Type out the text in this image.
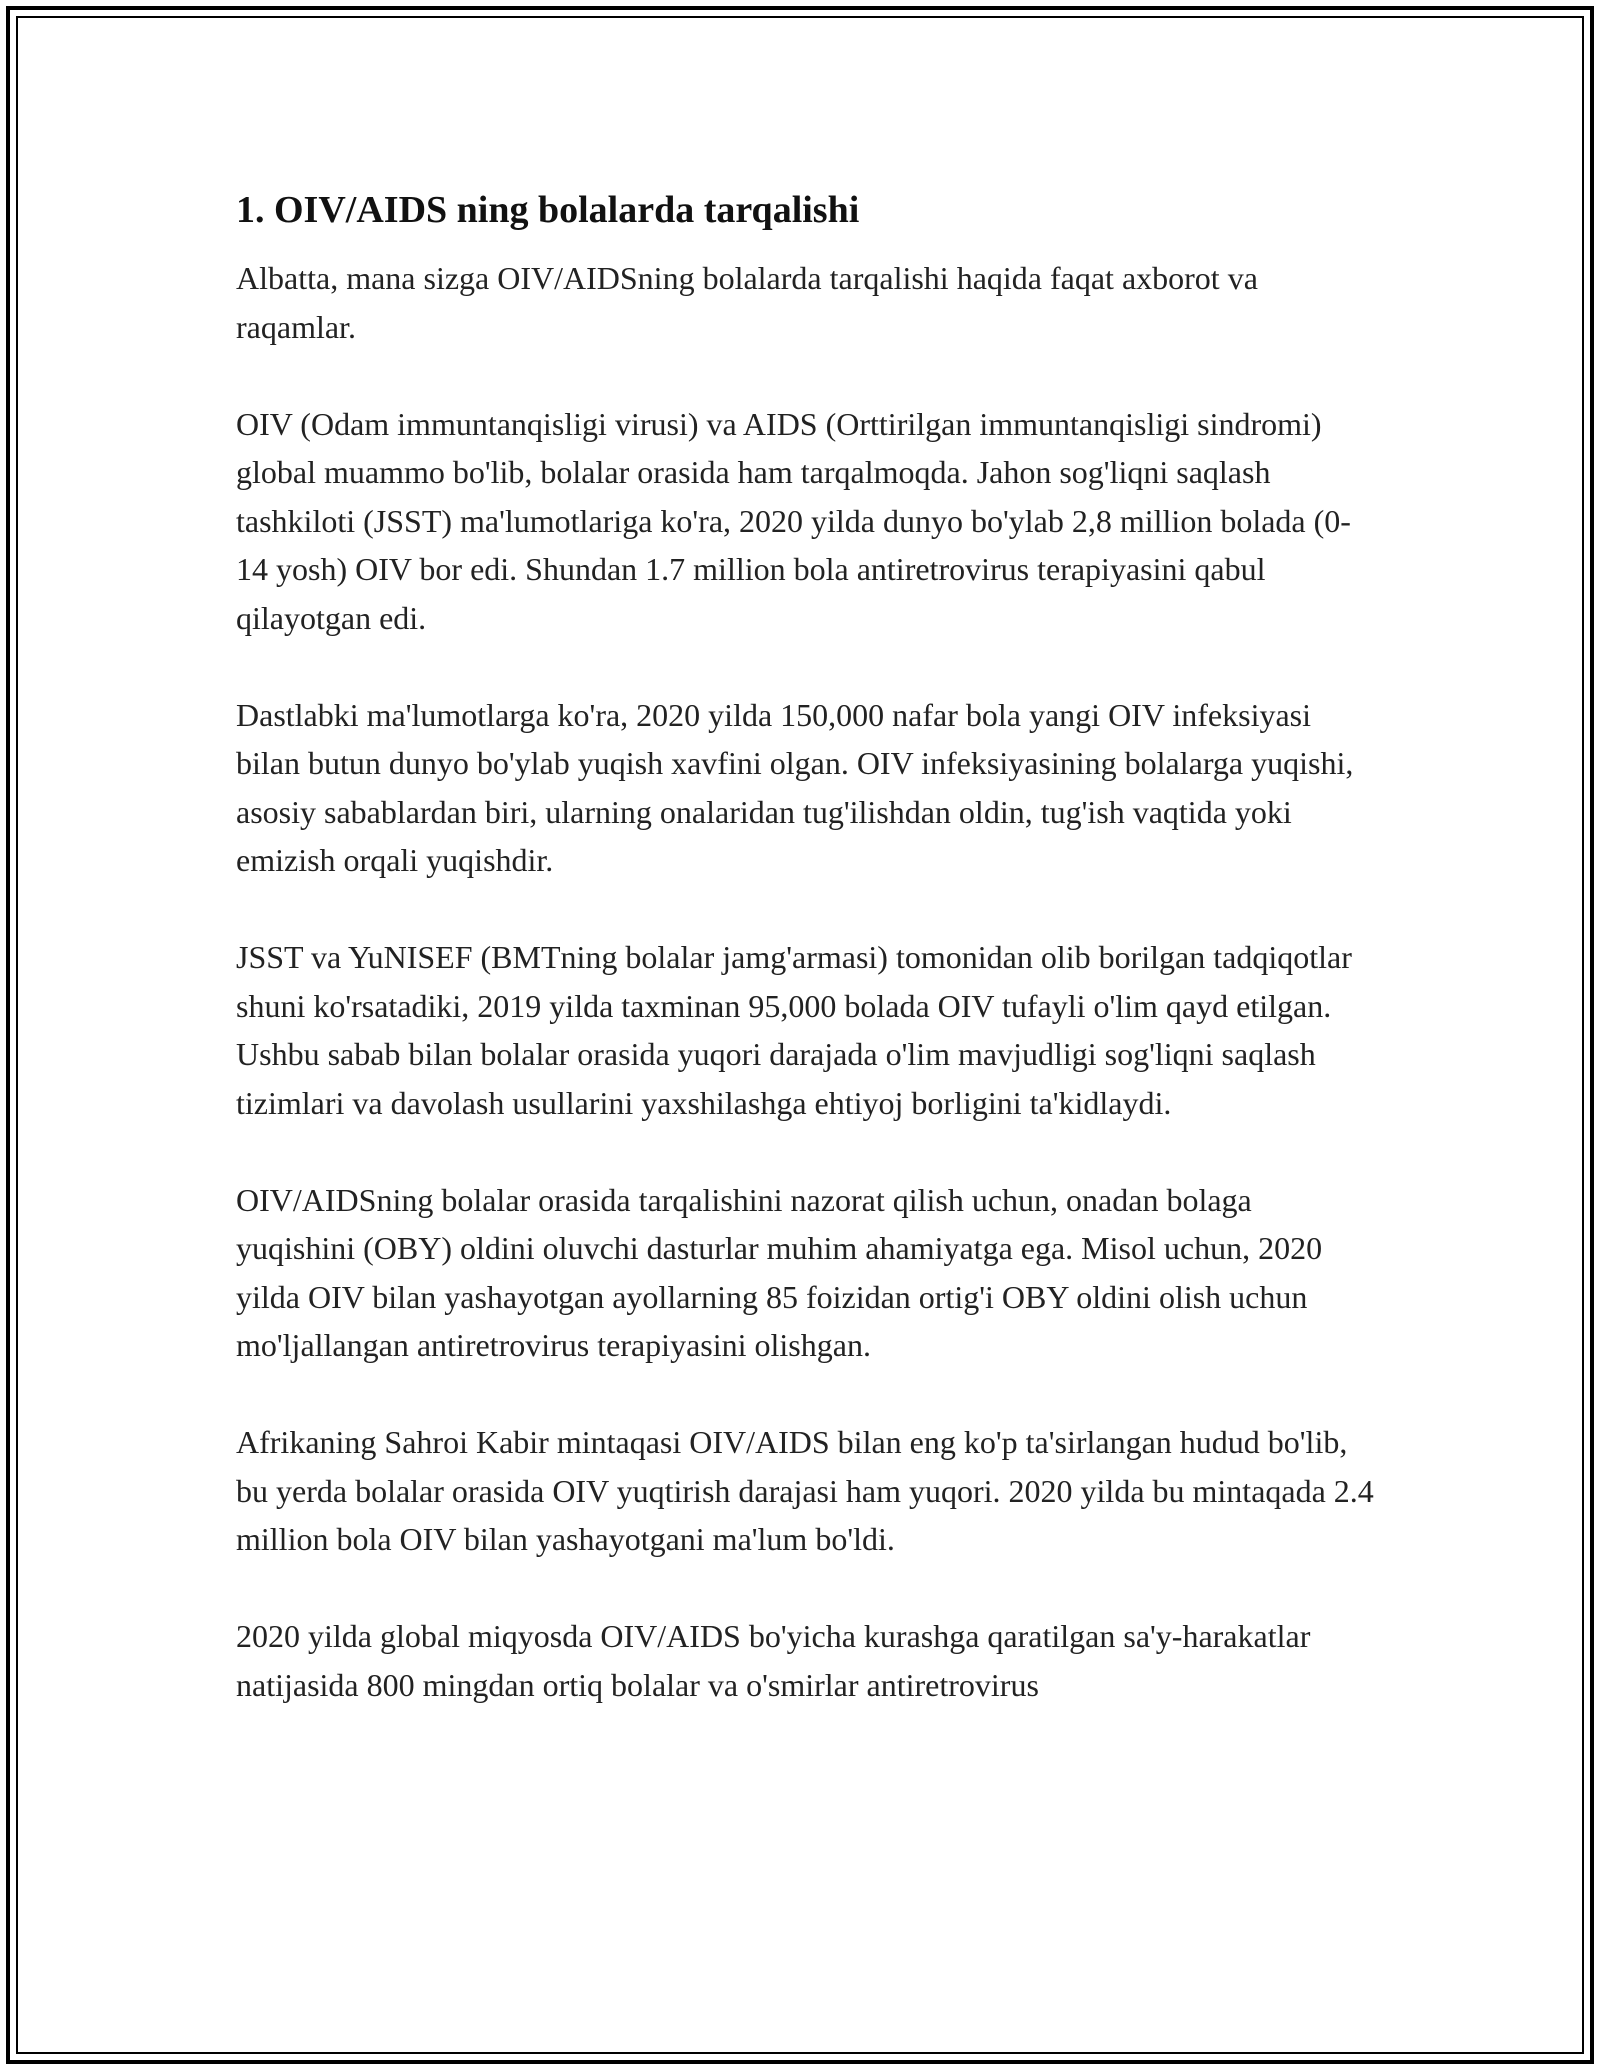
1. OIV/AIDS ning bolalarda tarqalishi

Albatta, mana sizga OIV/AIDSning bolalarda tarqalishi haqida faqat axborot va raqamlar.

OIV (Odam immuntanqisligi virusi) va AIDS (Orttirilgan immuntanqisligi sindromi) global muammo bo'lib, bolalar orasida ham tarqalmoqda. Jahon sog'liqni saqlash tashkiloti (JSST) ma'lumotlariga ko'ra, 2020 yilda dunyo bo'ylab 2,8 million bolada (0-14 yosh) OIV bor edi. Shundan 1.7 million bola antiretrovirus terapiyasini qabul qilayotgan edi.

Dastlabki ma'lumotlarga ko'ra, 2020 yilda 150,000 nafar bola yangi OIV infeksiyasi bilan butun dunyo bo'ylab yuqish xavfini olgan. OIV infeksiyasining bolalarga yuqishi, asosiy sabablardan biri, ularning onalaridan tug'ilishdan oldin, tug'ish vaqtida yoki emizish orqali yuqishdir.

JSST va YuNISEF (BMTning bolalar jamg'armasi) tomonidan olib borilgan tadqiqotlar shuni ko'rsatadiki, 2019 yilda taxminan 95,000 bolada OIV tufayli o'lim qayd etilgan. Ushbu sabab bilan bolalar orasida yuqori darajada o'lim mavjudligi sog'liqni saqlash tizimlari va davolash usullarini yaxshilashga ehtiyoj borligini ta'kidlaydi.

OIV/AIDSning bolalar orasida tarqalishini nazorat qilish uchun, onadan bolaga yuqishini (OBY) oldini oluvchi dasturlar muhim ahamiyatga ega. Misol uchun, 2020 yilda OIV bilan yashayotgan ayollarning 85 foizidan ortig'i OBY oldini olish uchun mo'ljallangan antiretrovirus terapiyasini olishgan.

Afrikaning Sahroi Kabir mintaqasi OIV/AIDS bilan eng ko'p ta'sirlangan hudud bo'lib, bu yerda bolalar orasida OIV yuqtirish darajasi ham yuqori. 2020 yilda bu mintaqada 2.4 million bola OIV bilan yashayotgani ma'lum bo'ldi.

2020 yilda global miqyosda OIV/AIDS bo'yicha kurashga qaratilgan sa'y-harakatlar natijasida 800 mingdan ortiq bolalar va o'smirlar antiretrovirus
